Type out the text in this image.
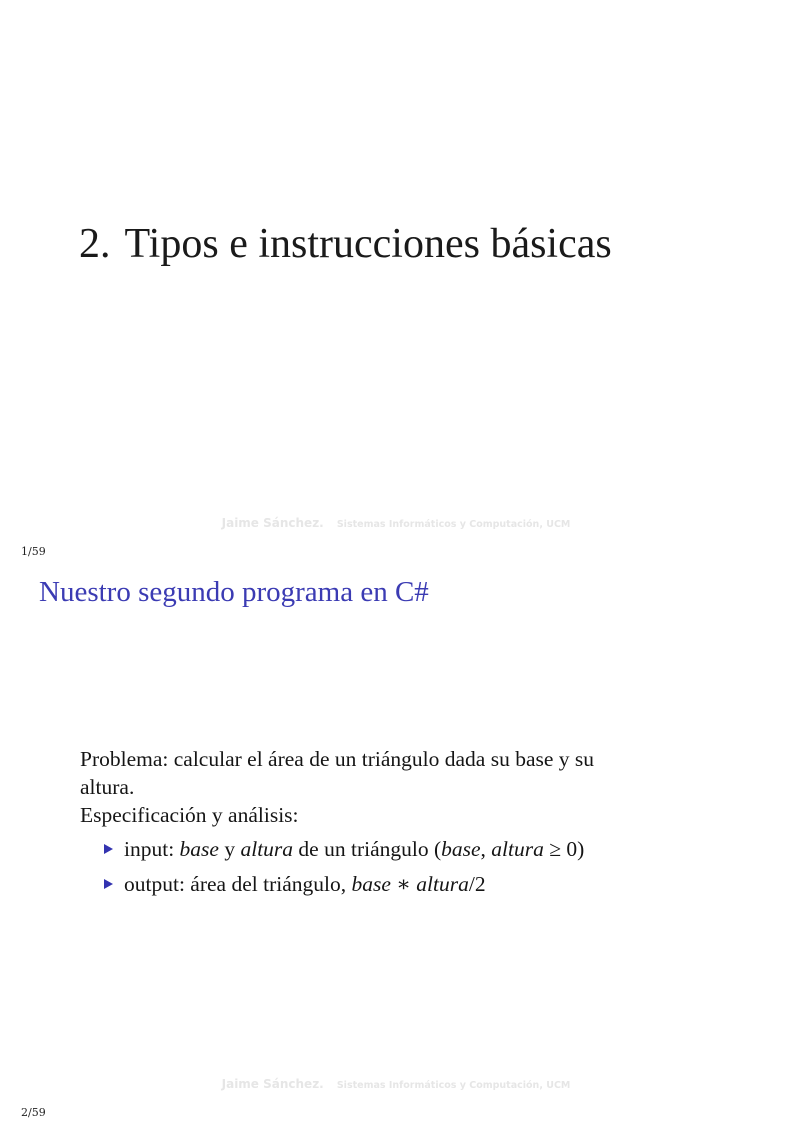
2. Tipos e instrucciones básicas
Jaime Sánchez. Sistemas Informáticos y Computación, UCM
1/59
Nuestro segundo programa en C#

Problema: calcular el área de un triángulo dada su base y su
altura.

Especificación y análisis:

input: base y altura de un triángulo (base, altura ≥ 0)
output: área del triángulo, base ∗ altura/2
Jaime Sánchez. Sistemas Informáticos y Computación, UCM
2/59
